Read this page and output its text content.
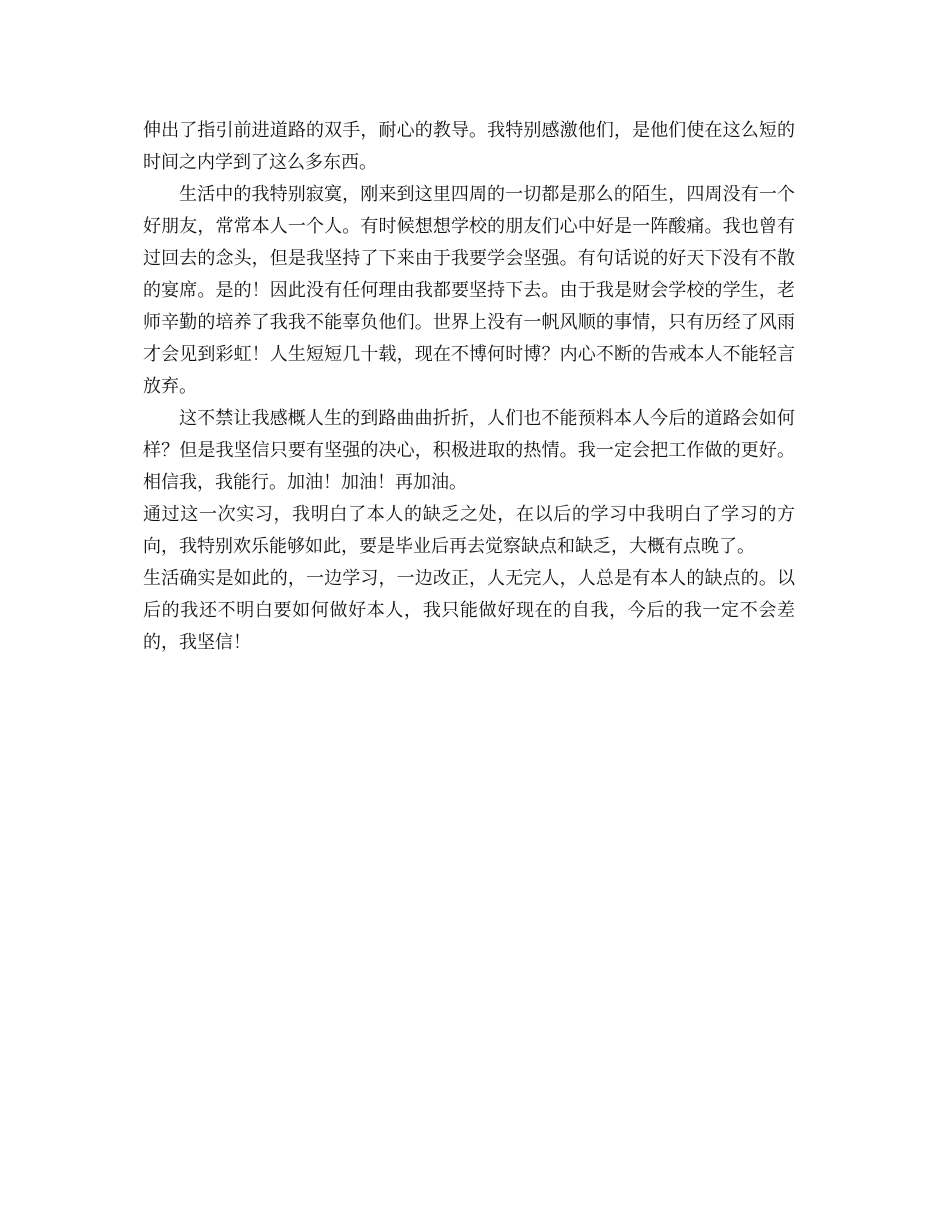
伸出了指引前进道路的双手，耐心的教导。我特别感激他们，是他们使在这么短的时间之内学到了这么多东西。

生活中的我特别寂寞，刚来到这里四周的一切都是那么的陌生，四周没有一个好朋友，常常本人一个人。有时候想想学校的朋友们心中好是一阵酸痛。我也曾有过回去的念头，但是我坚持了下来由于我要学会坚强。有句话说的好天下没有不散的宴席。是的！因此没有任何理由我都要坚持下去。由于我是财会学校的学生，老师辛勤的培养了我我不能辜负他们。世界上没有一帆风顺的事情，只有历经了风雨才会见到彩虹！人生短短几十载，现在不博何时博？内心不断的告戒本人不能轻言放弃。

这不禁让我感概人生的到路曲曲折折，人们也不能预料本人今后的道路会如何样？但是我坚信只要有坚强的决心，积极进取的热情。我一定会把工作做的更好。相信我，我能行。加油！加油！再加油。

通过这一次实习，我明白了本人的缺乏之处，在以后的学习中我明白了学习的方向，我特别欢乐能够如此，要是毕业后再去觉察缺点和缺乏，大概有点晚了。

生活确实是如此的，一边学习，一边改正，人无完人，人总是有本人的缺点的。以后的我还不明白要如何做好本人，我只能做好现在的自我，今后的我一定不会差的，我坚信！
